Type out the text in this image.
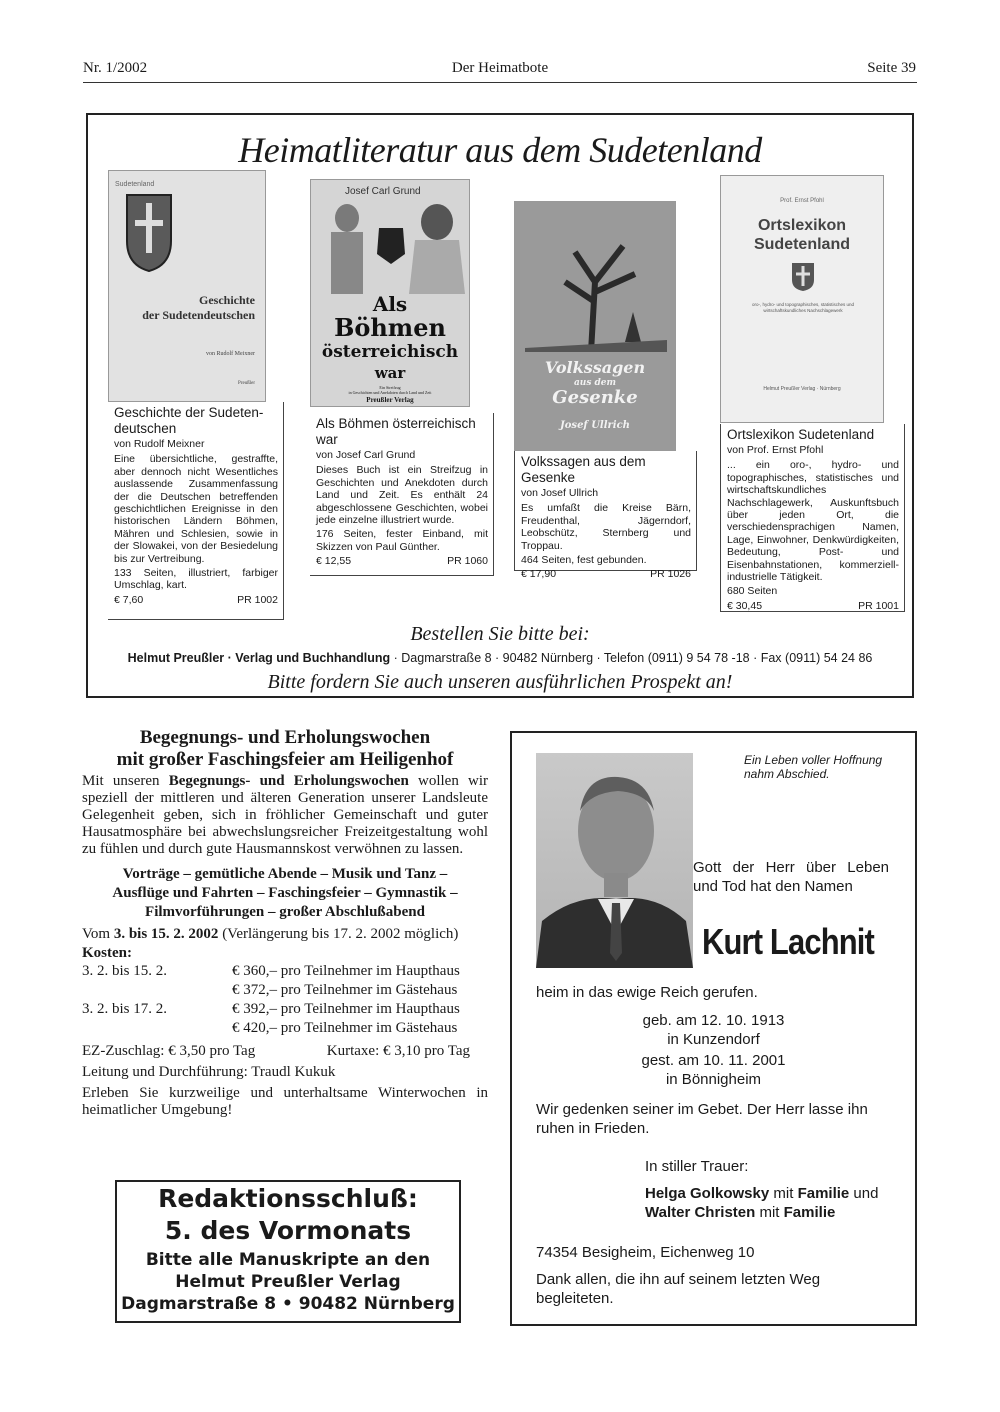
Nr. 1/2002	Der Heimatbote	Seite 39
Heimatliteratur aus dem Sudetenland
Sudetenland
Geschichte
der Sudetendeutschen
von Rudolf Meixner
Preußler
Geschichte der Sudeten-deutschen
von Rudolf Meixner

Eine übersichtliche, gestraffte, aber dennoch nicht Wesentliches auslassende Zusammenfassung der die Deutschen betreffenden geschichtlichen Ereignisse in den historischen Ländern Böhmen, Mähren und Schlesien, sowie in der Slowakei, von der Besiedelung bis zur Vertreibung.

133 Seiten, illustriert, farbiger Umschlag, kart.

€ 7,60	PR 1002
Josef Carl Grund
Als
Böhmen
österreichisch
war
Ein Streifzug
in Geschichten und Anekdoten durch Land und Zeit
Preußler Verlag
Als Böhmen österreichisch war
von Josef Carl Grund

Dieses Buch ist ein Streifzug in Geschichten und Anekdoten durch Land und Zeit. Es enthält 24 abgeschlossene Geschichten, wobei jede einzelne illustriert wurde.

176 Seiten, fester Einband, mit Skizzen von Paul Günther.

€ 12,55	PR 1060
Volkssagen
aus dem
Gesenke
Josef Ullrich
Volkssagen aus dem Gesenke
von Josef Ullrich

Es umfaßt die Kreise Bärn, Freudenthal, Jägerndorf, Leobschütz, Sternberg und Troppau.

464 Seiten, fest gebunden.

€ 17,90	PR 1026
Prof. Ernst Pfohl
Ortslexikon
Sudetenland
oro-, hydro- und topographisches, statistisches und wirtschaftskundliches Nachschlagewerk
Helmut Preußler Verlag · Nürnberg
Ortslexikon Sudetenland
von Prof. Ernst Pfohl

... ein oro-, hydro- und topographisches, statistisches und wirtschaftskundliches Nachschlagewerk, Auskunftsbuch über jeden Ort, die verschiedensprachigen Namen, Lage, Einwohner, Denkwürdigkeiten, Bedeutung, Post- und Eisenbahnstationen, kommerziell-industrielle Tätigkeit.

680 Seiten

€ 30,45	PR 1001
Bestellen Sie bitte bei:
Helmut Preußler · Verlag und Buchhandlung · Dagmarstraße 8 · 90482 Nürnberg · Telefon (0911) 9 54 78 -18 · Fax (0911) 54 24 86
Bitte fordern Sie auch unseren ausführlichen Prospekt an!
Begegnungs- und Erholungswochen
mit großer Faschingsfeier am Heiligenhof

Mit unseren Begegnungs- und Erholungswochen wollen wir speziell der mittleren und älteren Generation unserer Landsleute Gelegenheit geben, sich in fröhlicher Gemeinschaft und guter Hausatmosphäre bei abwechslungsreicher Freizeitgestaltung wohl zu fühlen und durch gute Hausmannskost verwöhnen zu lassen.

Vorträge – gemütliche Abende – Musik und Tanz –
Ausflüge und Fahrten – Faschingsfeier – Gymnastik –
Filmvorführungen – großer Abschlußabend

Vom 3. bis 15. 2. 2002 (Verlängerung bis 17. 2. 2002 möglich)

Kosten:
3. 2. bis 15. 2.	€ 360,– pro Teilnehmer im Haupthaus
€ 372,– pro Teilnehmer im Gästehaus
3. 2. bis 17. 2.	€ 392,– pro Teilnehmer im Haupthaus
€ 420,– pro Teilnehmer im Gästehaus
EZ-Zuschlag: € 3,50 pro Tag	Kurtaxe: € 3,10 pro Tag

Leitung und Durchführung: Traudl Kukuk

Erleben Sie kurzweilige und unterhaltsame Winterwochen in heimatlicher Umgebung!

Redaktionsschluß:
5. des Vormonats
Bitte alle Manuskripte an den
Helmut Preußler Verlag
Dagmarstraße 8 • 90482 Nürnberg
Ein Leben voller Hoffnung
nahm Abschied.
Gott der Herr über Leben
und Tod hat den Namen
Kurt Lachnit
heim in das ewige Reich gerufen.
geb. am 12. 10. 1913
in Kunzendorf
gest. am 10. 11. 2001
in Bönnigheim
Wir gedenken seiner im Gebet. Der Herr lasse ihn ruhen in Frieden.
In stiller Trauer:
Helga Golkowsky mit Familie und
Walter Christen mit Familie
74354 Besigheim, Eichenweg 10
Dank allen, die ihn auf seinem letzten Weg begleiteten.
